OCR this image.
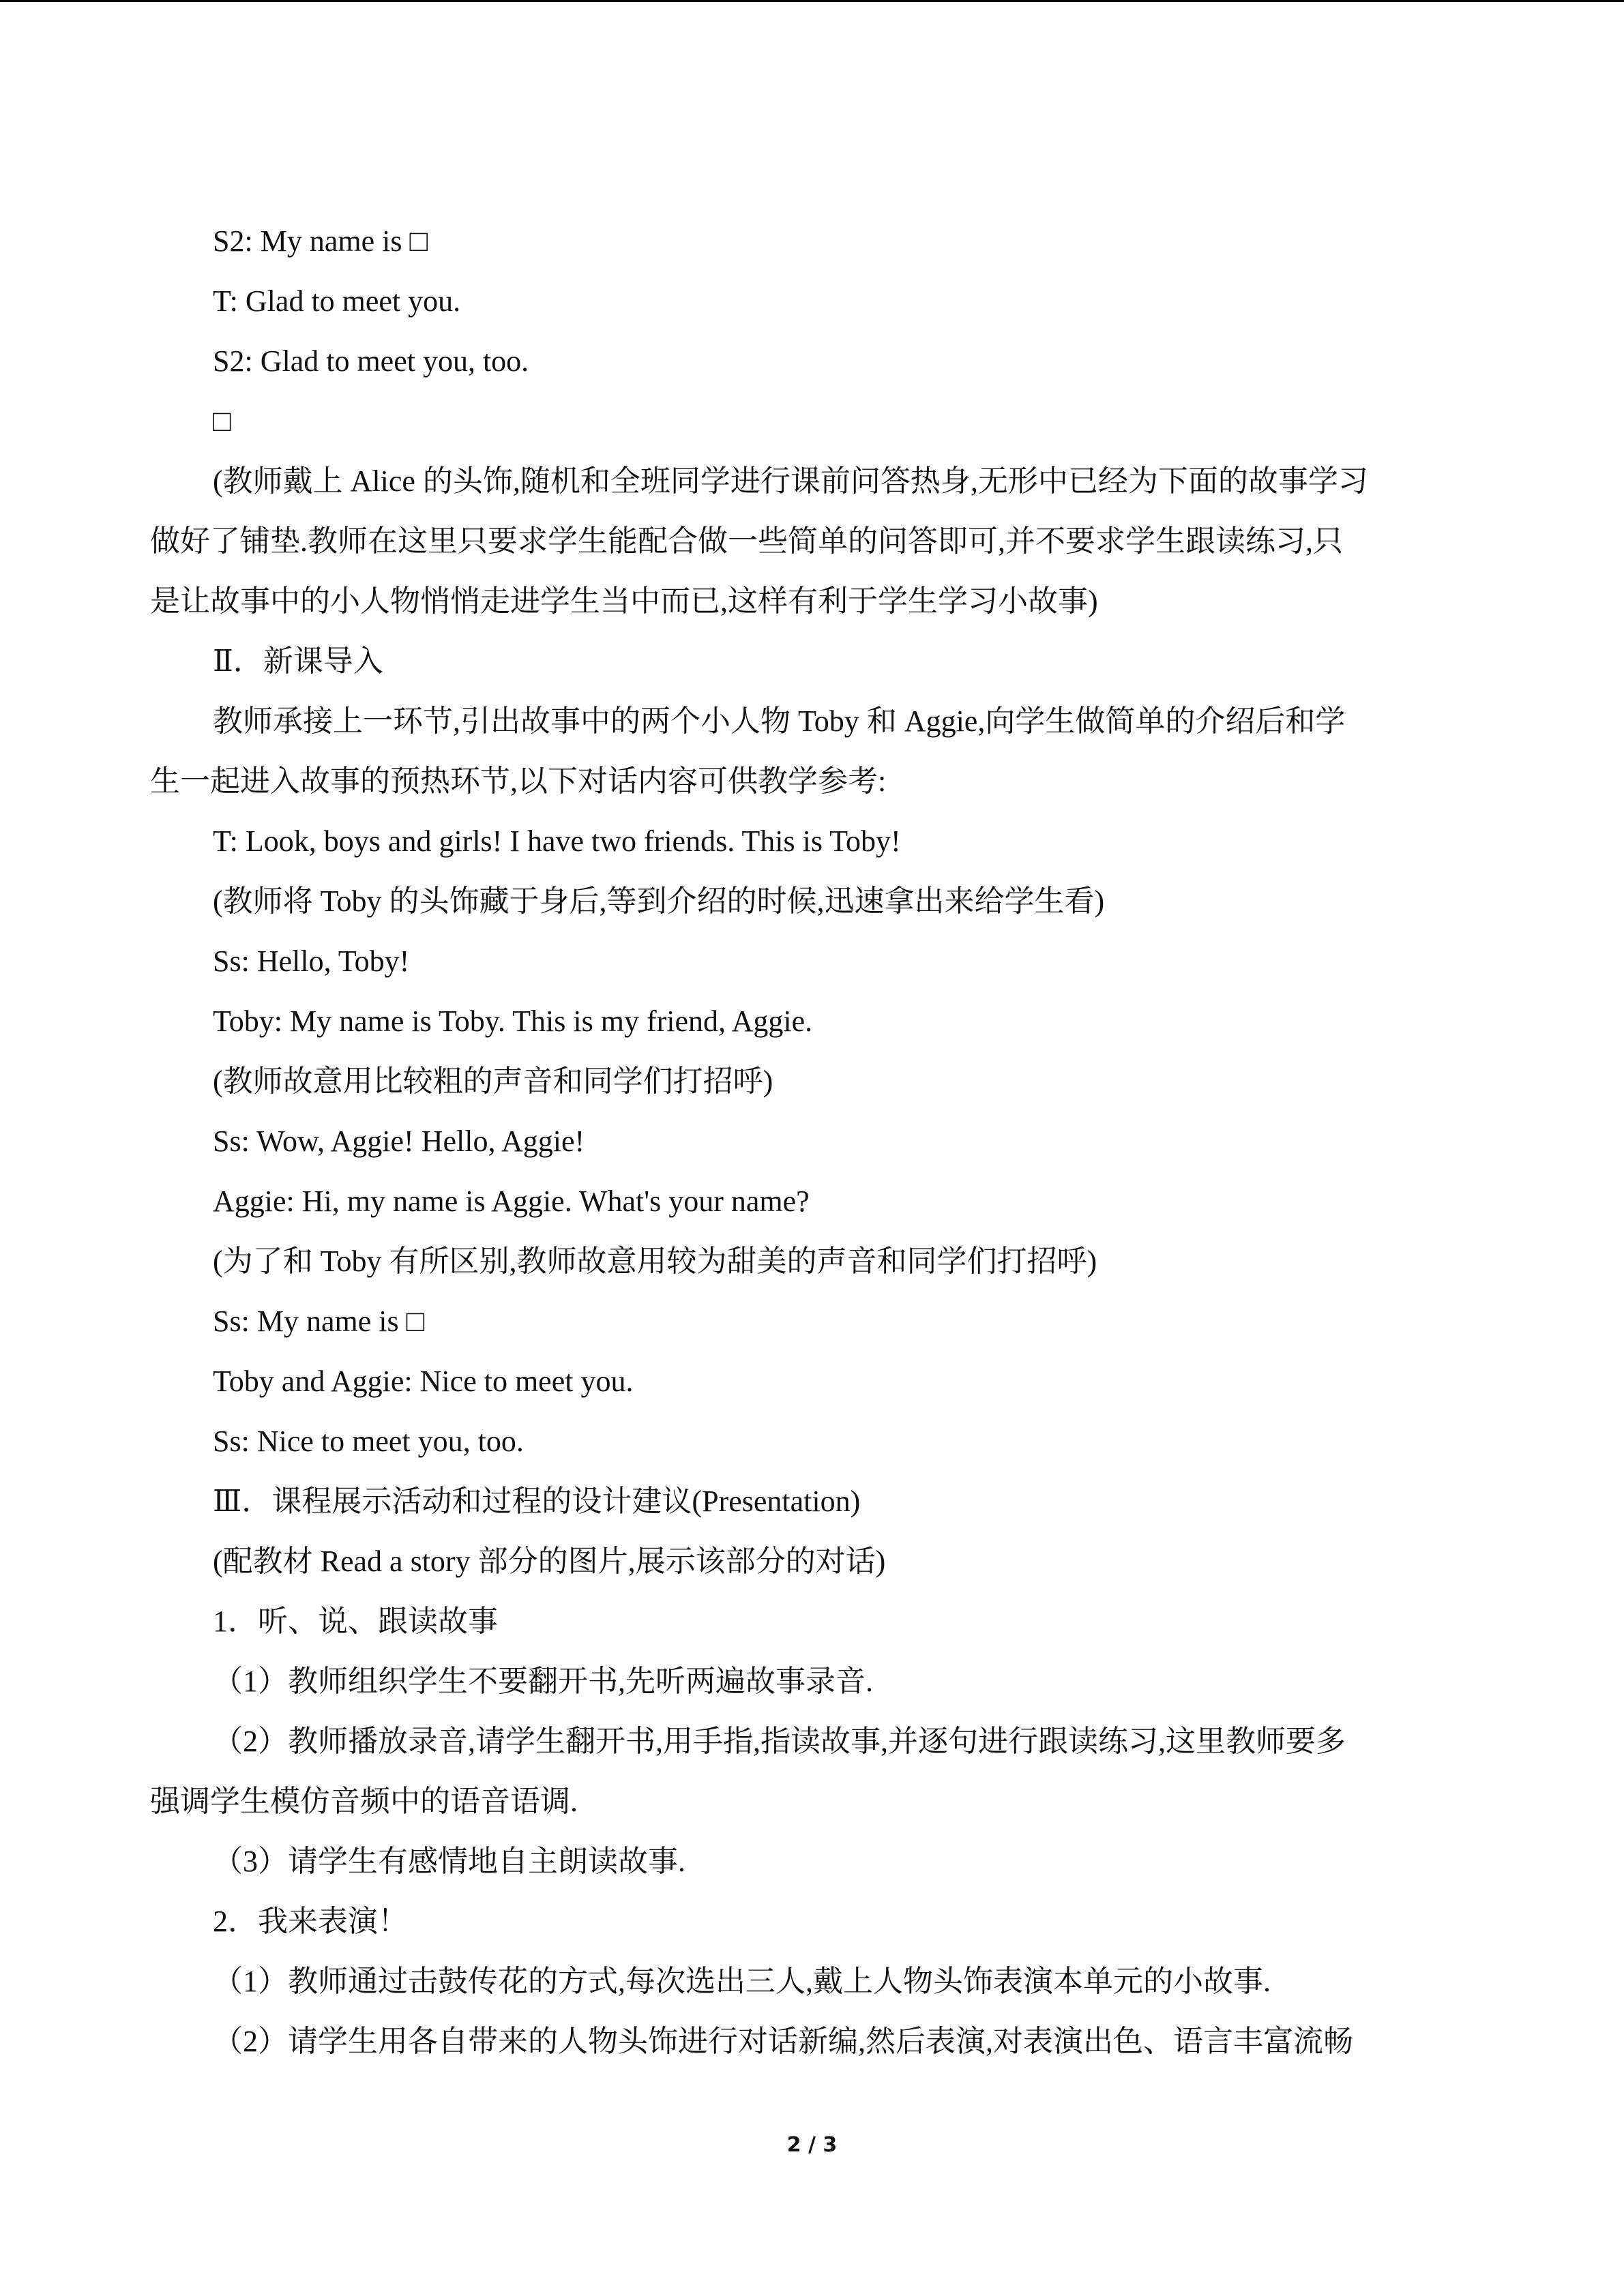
S2: My name is □
T: Glad to meet you.
S2: Glad to meet you, too.
□
(教师戴上 Alice 的头饰,随机和全班同学进行课前问答热身,无形中已经为下面的故事学习
做好了铺垫.教师在这里只要求学生能配合做一些简单的问答即可,并不要求学生跟读练习,只
是让故事中的小人物悄悄走进学生当中而已,这样有利于学生学习小故事)
Ⅱ．新课导入
教师承接上一环节,引出故事中的两个小人物 Toby 和 Aggie,向学生做简单的介绍后和学
生一起进入故事的预热环节,以下对话内容可供教学参考:
T: Look, boys and girls! I have two friends. This is Toby!
(教师将 Toby 的头饰藏于身后,等到介绍的时候,迅速拿出来给学生看)
Ss: Hello, Toby!
Toby: My name is Toby. This is my friend, Aggie.
(教师故意用比较粗的声音和同学们打招呼)
Ss: Wow, Aggie! Hello, Aggie!
Aggie: Hi, my name is Aggie. What's your name?
(为了和 Toby 有所区别,教师故意用较为甜美的声音和同学们打招呼)
Ss: My name is □
Toby and Aggie: Nice to meet you.
Ss: Nice to meet you, too.
Ⅲ．课程展示活动和过程的设计建议(Presentation)
(配教材 Read a story 部分的图片,展示该部分的对话)
1．听、说、跟读故事
（1）教师组织学生不要翻开书,先听两遍故事录音.
（2）教师播放录音,请学生翻开书,用手指,指读故事,并逐句进行跟读练习,这里教师要多
强调学生模仿音频中的语音语调.
（3）请学生有感情地自主朗读故事.
2．我来表演！
（1）教师通过击鼓传花的方式,每次选出三人,戴上人物头饰表演本单元的小故事.
（2）请学生用各自带来的人物头饰进行对话新编,然后表演,对表演出色、语言丰富流畅
2 / 3
